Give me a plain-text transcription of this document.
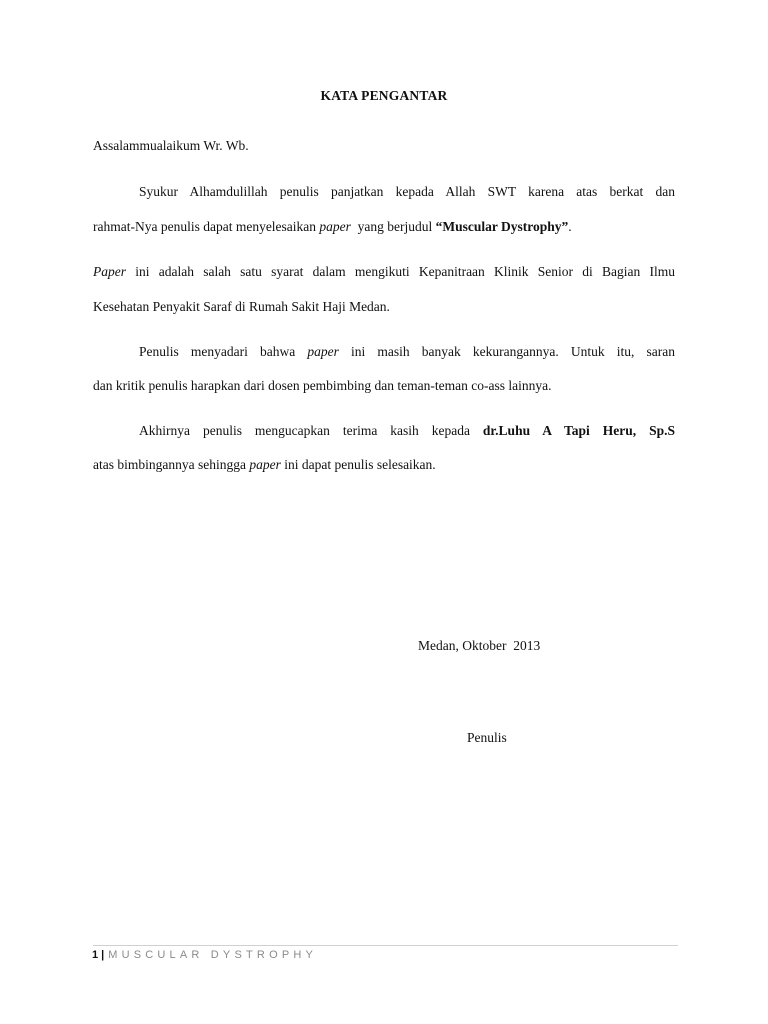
KATA PENGANTAR
Assalammualaikum Wr. Wb.
Syukur Alhamdulillah penulis panjatkan kepada Allah SWT karena atas berkat dan
rahmat-Nya penulis dapat menyelesaikan paper  yang berjudul “Muscular Dystrophy”.
Paper ini adalah salah satu syarat dalam mengikuti Kepanitraan Klinik Senior di Bagian Ilmu
Kesehatan Penyakit Saraf di Rumah Sakit Haji Medan.
Penulis menyadari bahwa paper ini masih banyak kekurangannya. Untuk itu, saran
dan kritik penulis harapkan dari dosen pembimbing dan teman-teman co-ass lainnya.
Akhirnya penulis mengucapkan terima kasih kepada dr.Luhu A Tapi Heru, Sp.S
atas bimbingannya sehingga paper ini dapat penulis selesaikan.
Medan, Oktober  2013
Penulis
1 | MUSCULAR DYSTROPHY
